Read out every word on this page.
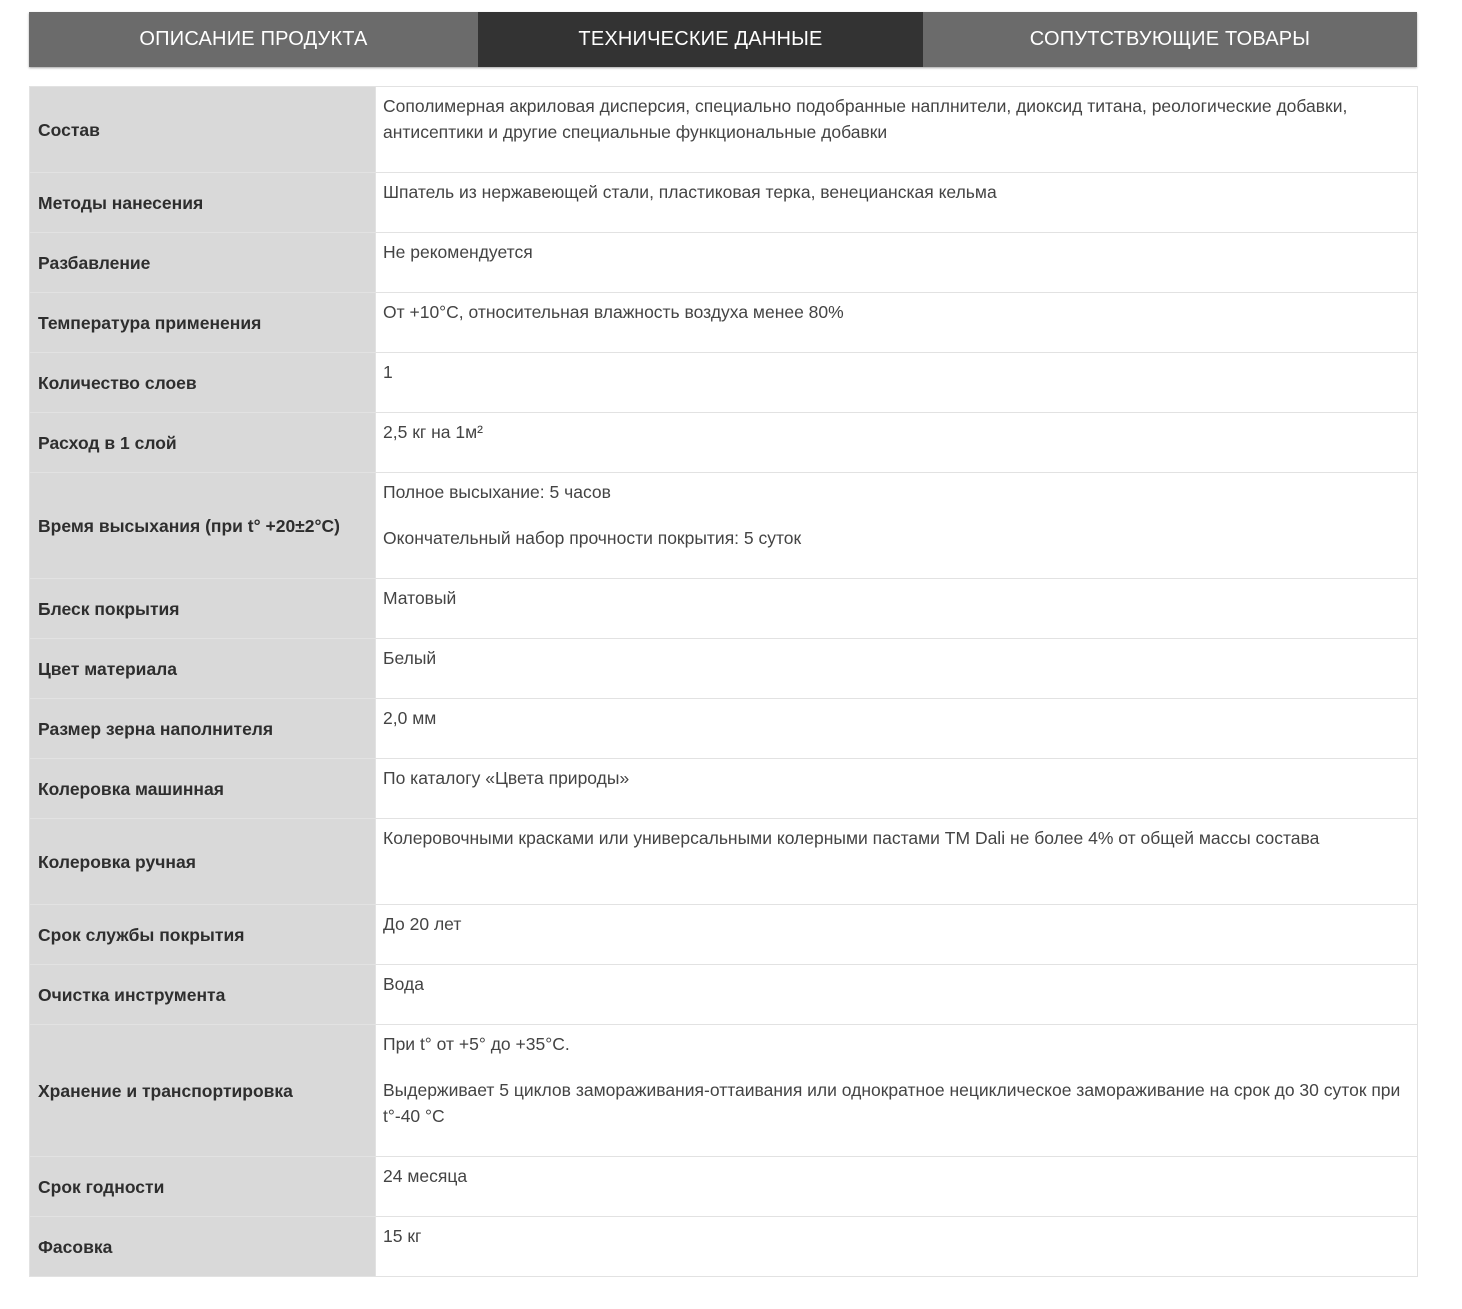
ОПИСАНИЕ ПРОДУКТА	ТЕХНИЧЕСКИЕ ДАННЫЕ	СОПУТСТВУЮЩИЕ ТОВАРЫ
Состав	Сополимерная акриловая дисперсия, специально подобранные наплнители, диоксид титана, реологические добавки, антисептики и другие специальные функциональные добавки

Методы нанесения	Шпатель из нержавеющей стали, пластиковая терка, венецианская кельма

Разбавление	Не рекомендуется

Температура применения	От +10°С, относительная влажность воздуха менее 80%

Количество слоев	1

Расход в 1 слой	2,5 кг на 1м²

Время высыхания (при t° +20±2°С)	Полное высыхание: 5 часов

Окончательный набор прочности покрытия: 5 суток

Блеск покрытия	Матовый

Цвет материала	Белый

Размер зерна наполнителя	2,0 мм

Колеровка машинная	По каталогу «Цвета природы»

Колеровка ручная	Колеровочными красками или универсальными колерными пастами ТМ Dali не более 4% от общей массы состава

Срок службы покрытия	До 20 лет

Очистка инструмента	Вода

Хранение и транспортировка	При t° от +5° до +35°С.

Выдерживает 5 циклов замораживания-оттаивания или однократное нециклическое замораживание на срок до 30 суток при t°-40 °С

Срок годности	24 месяца

Фасовка	15 кг
